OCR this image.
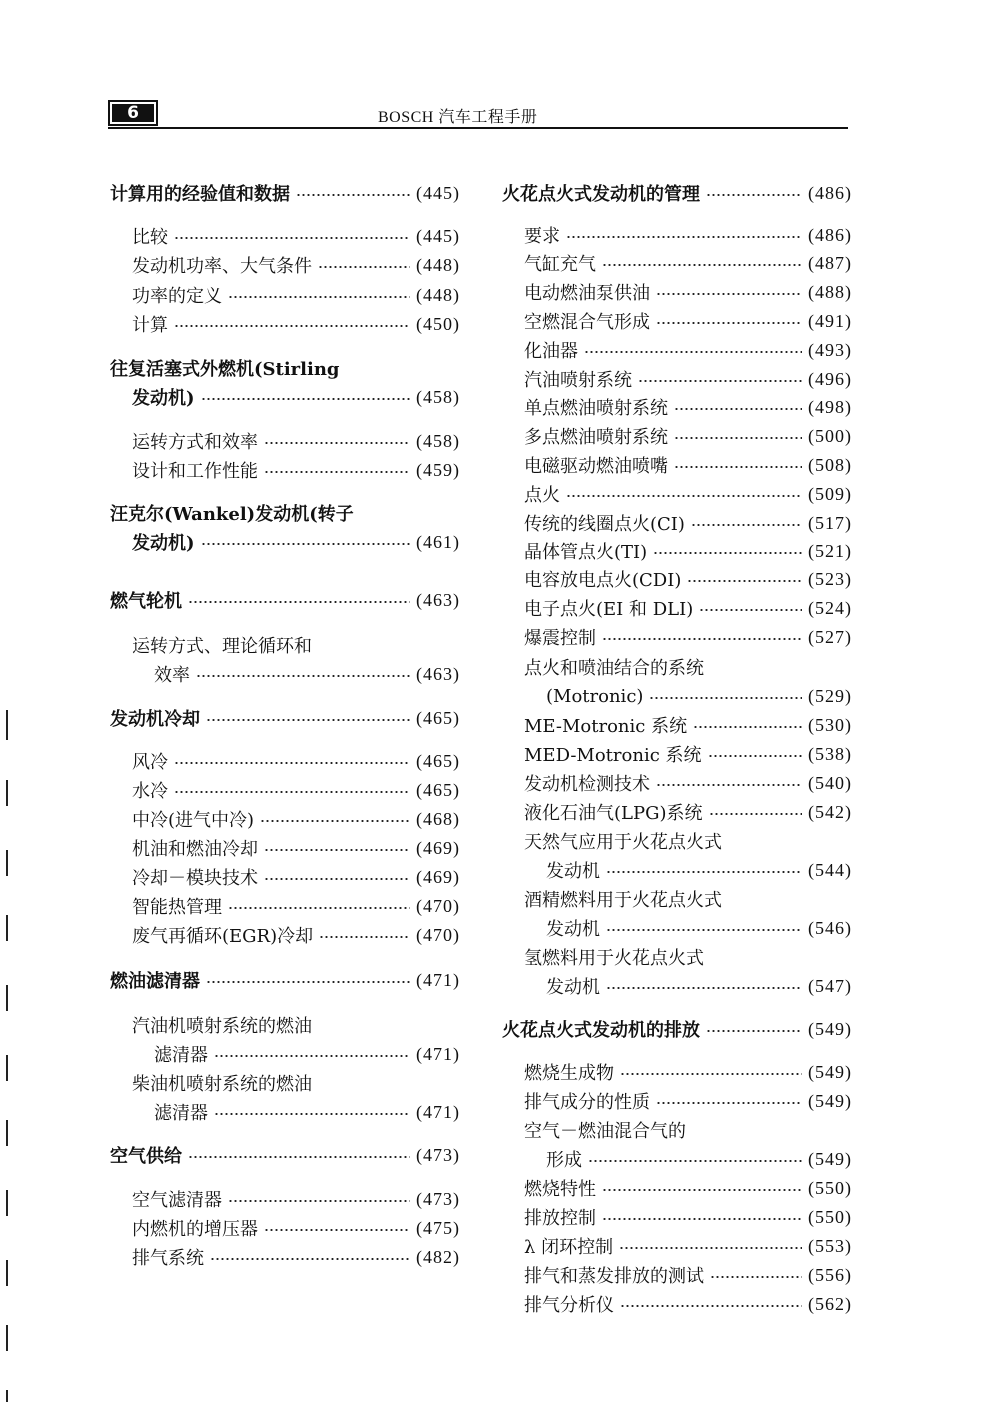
6	BOSCH 汽车工程手册
计算用的经验值和数据	(445)
比较	(445)
发动机功率、大气条件	(448)
功率的定义	(448)
计算	(450)
往复活塞式外燃机(Stirling
发动机)	(458)
运转方式和效率	(458)
设计和工作性能	(459)
汪克尔(Wankel)发动机(转子
发动机)	(461)
燃气轮机	(463)
运转方式、理论循环和
效率	(463)
发动机冷却	(465)
风冷	(465)
水冷	(465)
中冷(进气中冷)	(468)
机油和燃油冷却	(469)
冷却－模块技术	(469)
智能热管理	(470)
废气再循环(EGR)冷却	(470)
燃油滤清器	(471)
汽油机喷射系统的燃油
滤清器	(471)
柴油机喷射系统的燃油
滤清器	(471)
空气供给	(473)
空气滤清器	(473)
内燃机的增压器	(475)
排气系统	(482)
火花点火式发动机的管理	(486)
要求	(486)
气缸充气	(487)
电动燃油泵供油	(488)
空燃混合气形成	(491)
化油器	(493)
汽油喷射系统	(496)
单点燃油喷射系统	(498)
多点燃油喷射系统	(500)
电磁驱动燃油喷嘴	(508)
点火	(509)
传统的线圈点火(CI)	(517)
晶体管点火(TI)	(521)
电容放电点火(CDI)	(523)
电子点火(EI 和 DLI)	(524)
爆震控制	(527)
点火和喷油结合的系统
(Motronic)	(529)
ME-Motronic 系统	(530)
MED-Motronic 系统	(538)
发动机检测技术	(540)
液化石油气(LPG)系统	(542)
天然气应用于火花点火式
发动机	(544)
酒精燃料用于火花点火式
发动机	(546)
氢燃料用于火花点火式
发动机	(547)
火花点火式发动机的排放	(549)
燃烧生成物	(549)
排气成分的性质	(549)
空气－燃油混合气的
形成	(549)
燃烧特性	(550)
排放控制	(550)
λ 闭环控制	(553)
排气和蒸发排放的测试	(556)
排气分析仪	(562)
